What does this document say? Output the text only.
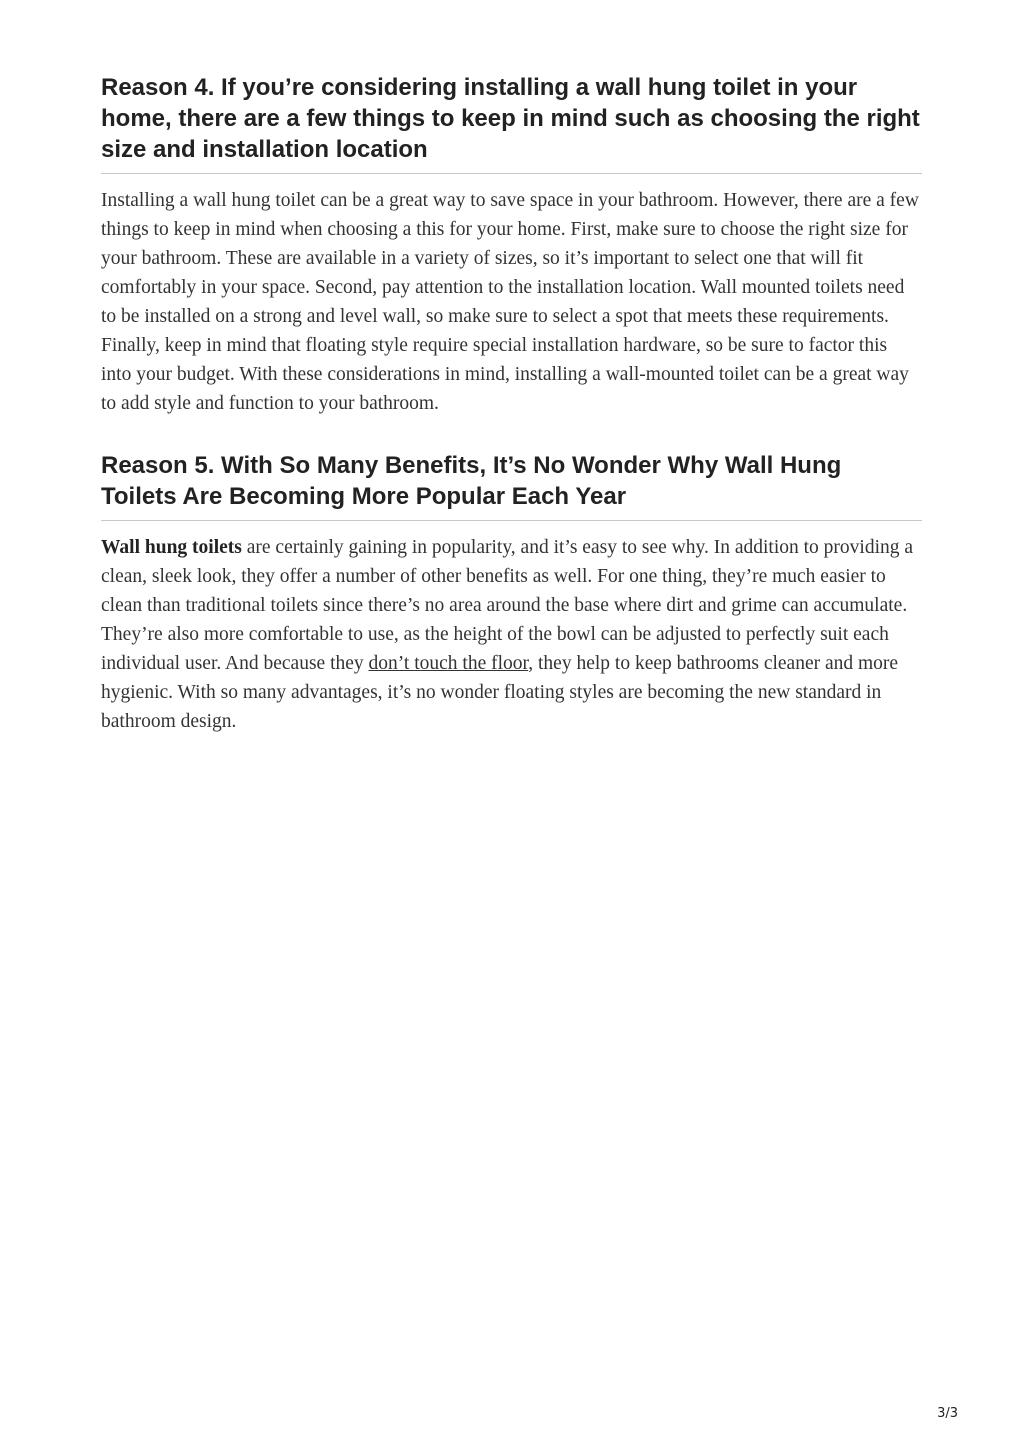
Reason 4. If you’re considering installing a wall hung toilet in your home, there are a few things to keep in mind such as choosing the right size and installation location

Installing a wall hung toilet can be a great way to save space in your bathroom. However, there are a few things to keep in mind when choosing a this for your home. First, make sure to choose the right size for your bathroom. These are available in a variety of sizes, so it’s important to select one that will fit comfortably in your space. Second, pay attention to the installation location. Wall mounted toilets need to be installed on a strong and level wall, so make sure to select a spot that meets these requirements. Finally, keep in mind that floating style require special installation hardware, so be sure to factor this into your budget. With these considerations in mind, installing a wall-mounted toilet can be a great way to add style and function to your bathroom.

Reason 5. With So Many Benefits, It’s No Wonder Why Wall Hung Toilets Are Becoming More Popular Each Year

Wall hung toilets are certainly gaining in popularity, and it’s easy to see why. In addition to providing a clean, sleek look, they offer a number of other benefits as well. For one thing, they’re much easier to clean than traditional toilets since there’s no area around the base where dirt and grime can accumulate. They’re also more comfortable to use, as the height of the bowl can be adjusted to perfectly suit each individual user. And because they don’t touch the floor, they help to keep bathrooms cleaner and more hygienic. With so many advantages, it’s no wonder floating styles are becoming the new standard in bathroom design.

3/3
